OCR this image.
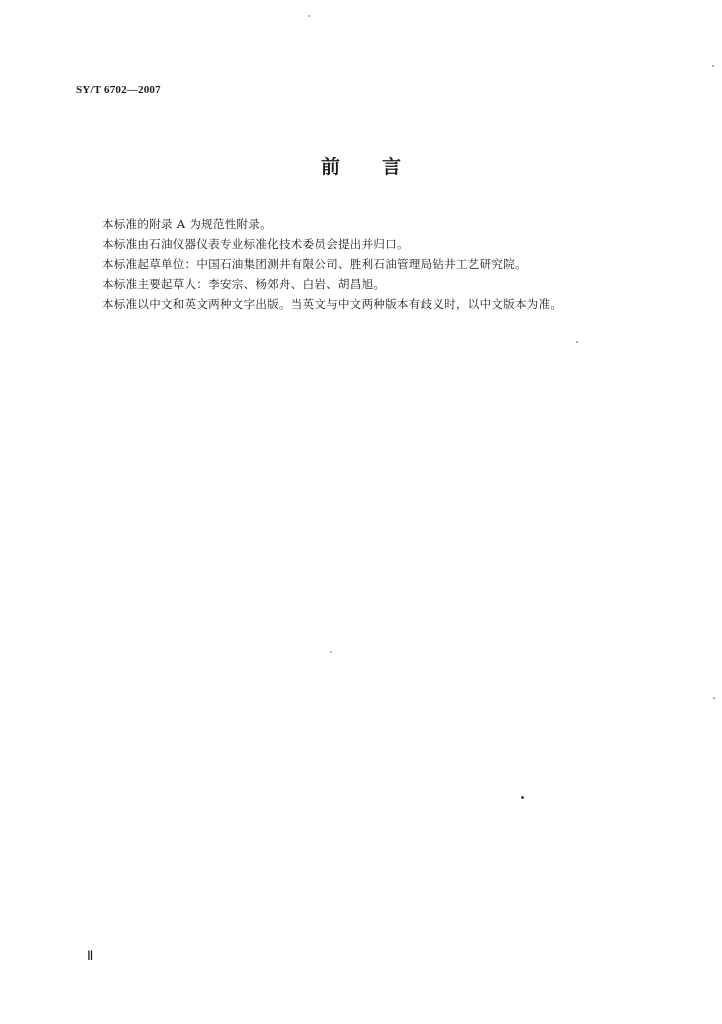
SY/T 6702—2007
前言
本标准的附录 A 为规范性附录。
本标准由石油仪器仪表专业标准化技术委员会提出并归口。
本标准起草单位：中国石油集团测井有限公司、胜利石油管理局钻井工艺研究院。
本标准主要起草人：李安宗、杨郊舟、白岩、胡昌旭。
本标准以中文和英文两种文字出版。当英文与中文两种版本有歧义时，以中文版本为准。
Ⅱ
